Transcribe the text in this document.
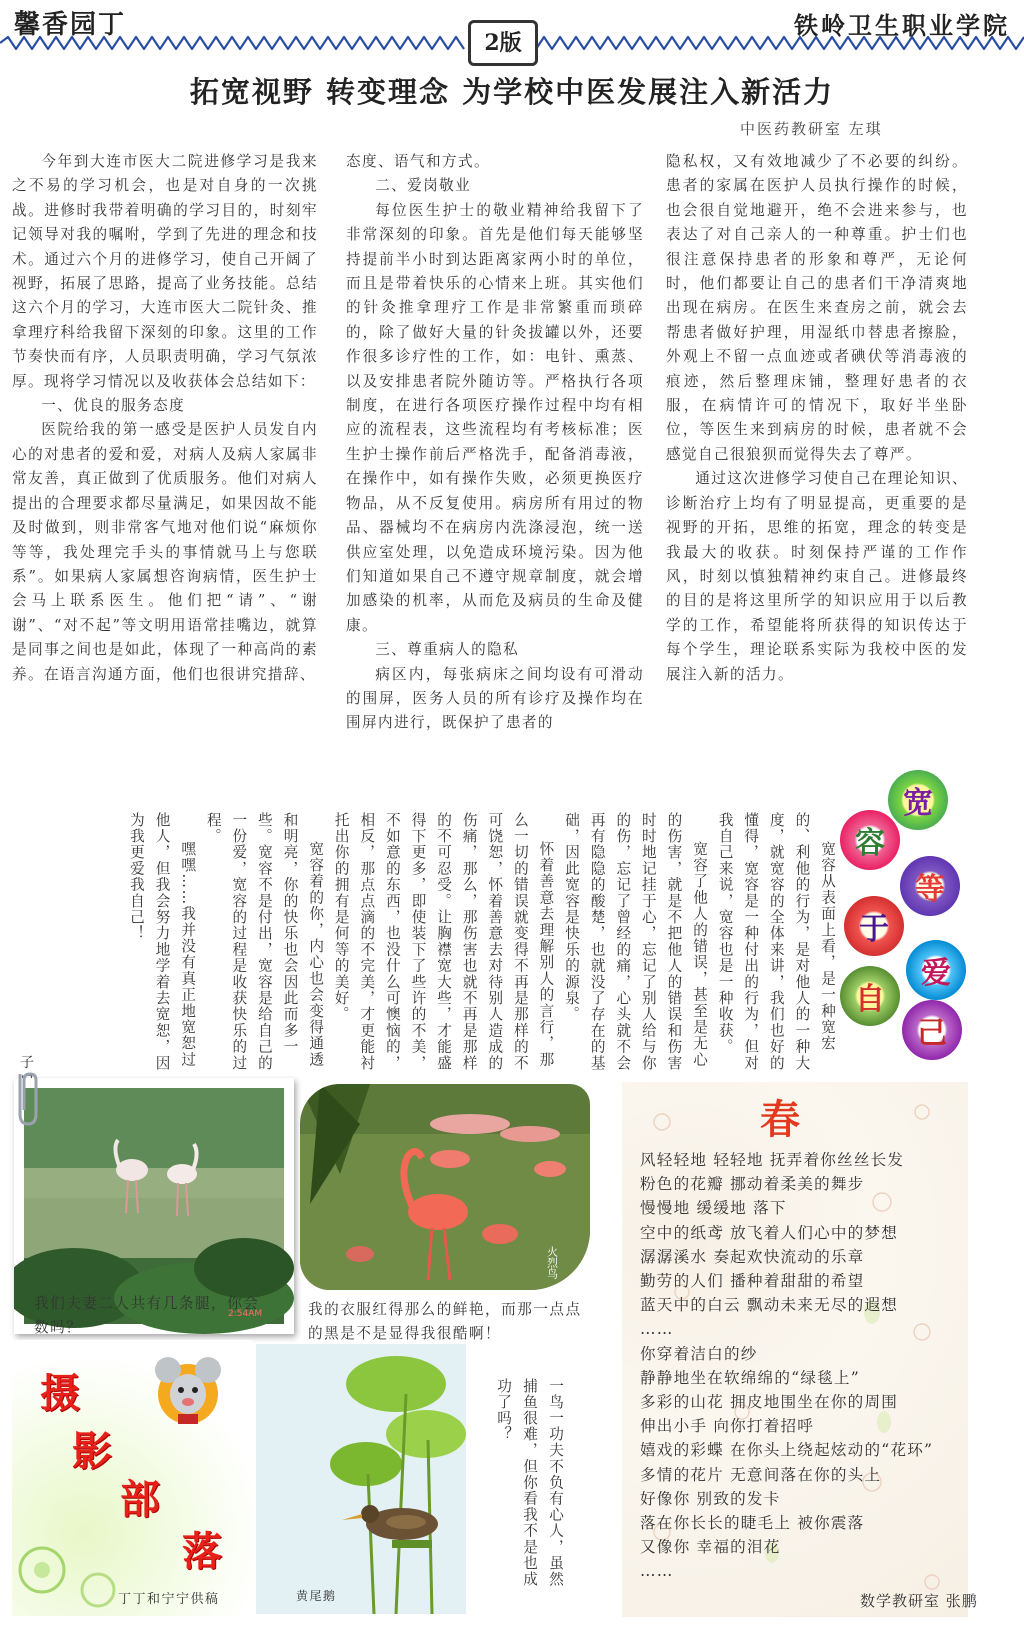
馨香园丁	铁岭卫生职业学院
2版
拓宽视野 转变理念 为学校中医发展注入新活力
中医药教研室 左琪

今年到大连市医大二院进修学习是我来之不易的学习机会，也是对自身的一次挑战。进修时我带着明确的学习目的，时刻牢记领导对我的嘱咐，学到了先进的理念和技术。通过六个月的进修学习，使自己开阔了视野，拓展了思路，提高了业务技能。总结这六个月的学习，大连市医大二院针灸、推拿理疗科给我留下深刻的印象。这里的工作节奏快而有序，人员职责明确，学习气氛浓厚。现将学习情况以及收获体会总结如下：

一、优良的服务态度

医院给我的第一感受是医护人员发自内心的对患者的爱和爱，对病人及病人家属非常友善，真正做到了优质服务。他们对病人提出的合理要求都尽量满足，如果因故不能及时做到，则非常客气地对他们说“麻烦你等等，我处理完手头的事情就马上与您联系”。如果病人家属想咨询病情，医生护士会马上联系医生。他们把“请”、“谢谢”、“对不起”等文明用语常挂嘴边，就算是同事之间也是如此，体现了一种高尚的素养。在语言沟通方面，他们也很讲究措辞、

态度、语气和方式。

二、爱岗敬业

每位医生护士的敬业精神给我留下了非常深刻的印象。首先是他们每天能够坚持提前半小时到达距离家两小时的单位，而且是带着快乐的心情来上班。其实他们的针灸推拿理疗工作是非常繁重而琐碎的，除了做好大量的针灸拔罐以外，还要作很多诊疗性的工作，如：电针、熏蒸、以及安排患者院外随访等。严格执行各项制度，在进行各项医疗操作过程中均有相应的流程表，这些流程均有考核标准；医生护士操作前后严格洗手，配备消毒液，在操作中，如有操作失败，必须更换医疗物品，从不反复使用。病房所有用过的物品、器械均不在病房内洗涤浸泡，统一送供应室处理，以免造成环境污染。因为他们知道如果自己不遵守规章制度，就会增加感染的机率，从而危及病员的生命及健康。

三、尊重病人的隐私

病区内，每张病床之间均设有可滑动的围屏，医务人员的所有诊疗及操作均在围屏内进行，既保护了患者的

隐私权，又有效地减少了不必要的纠纷。患者的家属在医护人员执行操作的时候，也会很自觉地避开，绝不会进来参与，也表达了对自己亲人的一种尊重。护士们也很注意保持患者的形象和尊严，无论何时，他们都要让自己的患者们干净清爽地出现在病房。在医生来查房之前，就会去帮患者做好护理，用湿纸巾替患者擦脸，外观上不留一点血迹或者碘伏等消毒液的痕迹，然后整理床铺，整理好患者的衣服，在病情许可的情况下，取好半坐卧位，等医生来到病房的时候，患者就不会感觉自己很狼狈而觉得失去了尊严。

通过这次进修学习使自己在理论知识、诊断治疗上均有了明显提高，更重要的是视野的开拓，思维的拓宽，理念的转变是我最大的收获。时刻保持严谨的工作作风，时刻以慎独精神约束自己。进修最终的目的是将这里所学的知识应用于以后教学的工作，希望能将所获得的知识传达于每个学生，理论联系实际为我校中医的发展注入新的活力。

宽容从表面上看，是一种宽宏的、利他的行为，是对他人的一种大度，就宽容的全体来讲，我们也好的懂得，宽容是一种付出的行为，但对我自己来说，宽容也是一种收获。

宽容了他人的错误，甚至是无心的伤害，就是不把他人的错误和伤害时时地记挂于心，忘记了别人给与你的伤，忘记了曾经的痛，心头就不会再有隐隐的酸楚，也就没了存在的基础，因此宽容是快乐的源泉。

怀着善意去理解别人的言行，那么一切的错误就变得不再是那样的不可饶恕，怀着善意去对待别人造成的伤痛，那么，那伤害也就不再是那样的不可忍受。让胸襟宽大些，才能盛得下更多，即使装下了些许的不美，不如意的东西，也没什么可懊恼的，相反，那点点滴的不完美，才更能衬托出你的拥有是何等的美好。

宽容着的你，内心也会变得通透和明亮，你的快乐也会因此而多一些。宽容不是付出，宽容是给自己的一份爱，宽容的过程是收获快乐的过程。

嘿嘿……我并没有真正地宽恕过他人，但我会努力地学着去宽恕，因为我更爱我自己！

子
宽
容
等
于
爱
自
己
2:54AM
我们夫妻二人共有几条腿，你会数吗？
火烈鸟
我的衣服红得那么的鲜艳，而那一点点的黑是不是显得我很酷啊！
摄
影
部
落
丁丁和宁宁供稿	黄尾鹅
一鸟一功夫不负有心人，虽然捕鱼很难，但你看我不是也成功了吗？
春
风轻轻地 轻轻地 抚弄着你丝丝长发
粉色的花瓣 挪动着柔美的舞步
慢慢地 缓缓地 落下
空中的纸鸢 放飞着人们心中的梦想
潺潺溪水 奏起欢快流动的乐章
勤劳的人们 播种着甜甜的希望
蓝天中的白云 飘动未来无尽的遐想
……
你穿着洁白的纱
静静地坐在软绵绵的“绿毯上”
多彩的山花 拥皮地围坐在你的周围
伸出小手 向你打着招呼
嬉戏的彩蝶 在你头上绕起炫动的“花环”
多情的花片 无意间落在你的头上
好像你 别致的发卡
落在你长长的睫毛上 被你震落
又像你 幸福的泪花
……
数学教研室 张鹏
